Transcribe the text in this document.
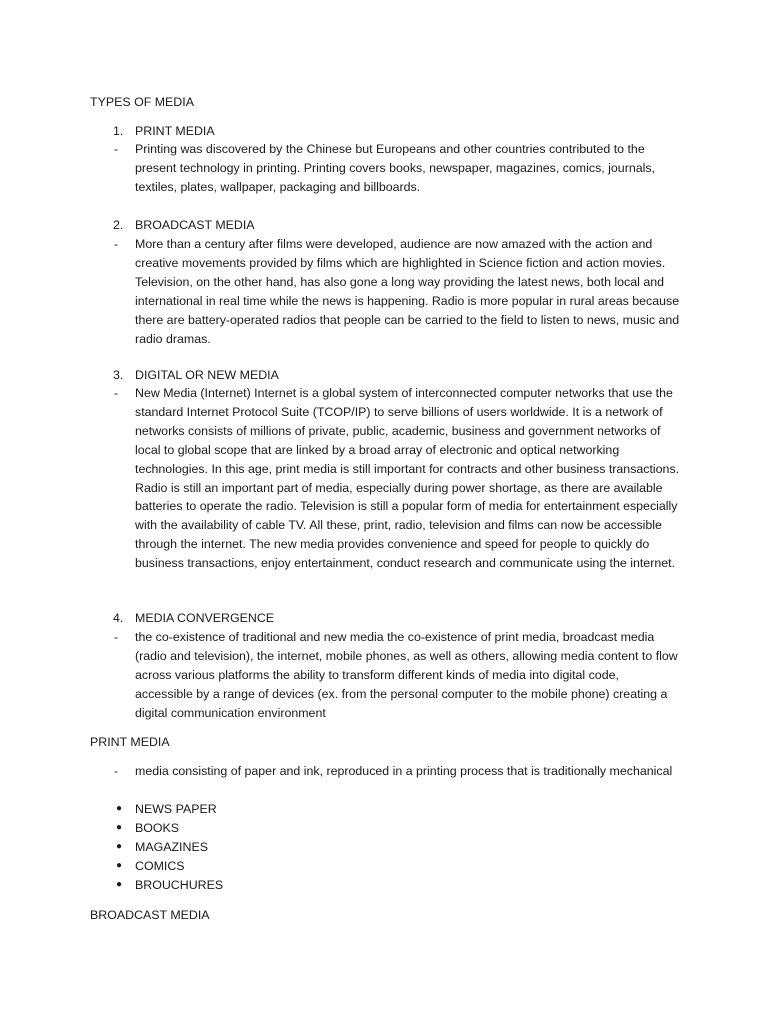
TYPES OF MEDIA
1. PRINT MEDIA
- Printing was discovered by the Chinese but Europeans and other countries contributed to the present technology in printing. Printing covers books, newspaper, magazines, comics, journals, textiles, plates, wallpaper, packaging and billboards.

2. BROADCAST MEDIA
- More than a century after films were developed, audience are now amazed with the action and creative movements provided by films which are highlighted in Science fiction and action movies. Television, on the other hand, has also gone a long way providing the latest news, both local and international in real time while the news is happening. Radio is more popular in rural areas because there are battery-operated radios that people can be carried to the field to listen to news, music and radio dramas.

3. DIGITAL OR NEW MEDIA
- New Media (Internet) Internet is a global system of interconnected computer networks that use the standard Internet Protocol Suite (TCOP/IP) to serve billions of users worldwide. It is a network of networks consists of millions of private, public, academic, business and government networks of local to global scope that are linked by a broad array of electronic and optical networking technologies. In this age, print media is still important for contracts and other business transactions. Radio is still an important part of media, especially during power shortage, as there are available batteries to operate the radio. Television is still a popular form of media for entertainment especially with the availability of cable TV. All these, print, radio, television and films can now be accessible through the internet. The new media provides convenience and speed for people to quickly do business transactions, enjoy entertainment, conduct research and communicate using the internet.

4. MEDIA CONVERGENCE
- the co-existence of traditional and new media the co-existence of print media, broadcast media (radio and television), the internet, mobile phones, as well as others, allowing media content to flow across various platforms the ability to transform different kinds of media into digital code, accessible by a range of devices (ex. from the personal computer to the mobile phone) creating a digital communication environment

PRINT MEDIA
- media consisting of paper and ink, reproduced in a printing process that is traditionally mechanical

● NEWS PAPER
● BOOKS
● MAGAZINES
● COMICS
● BROUCHURES
BROADCAST MEDIA
